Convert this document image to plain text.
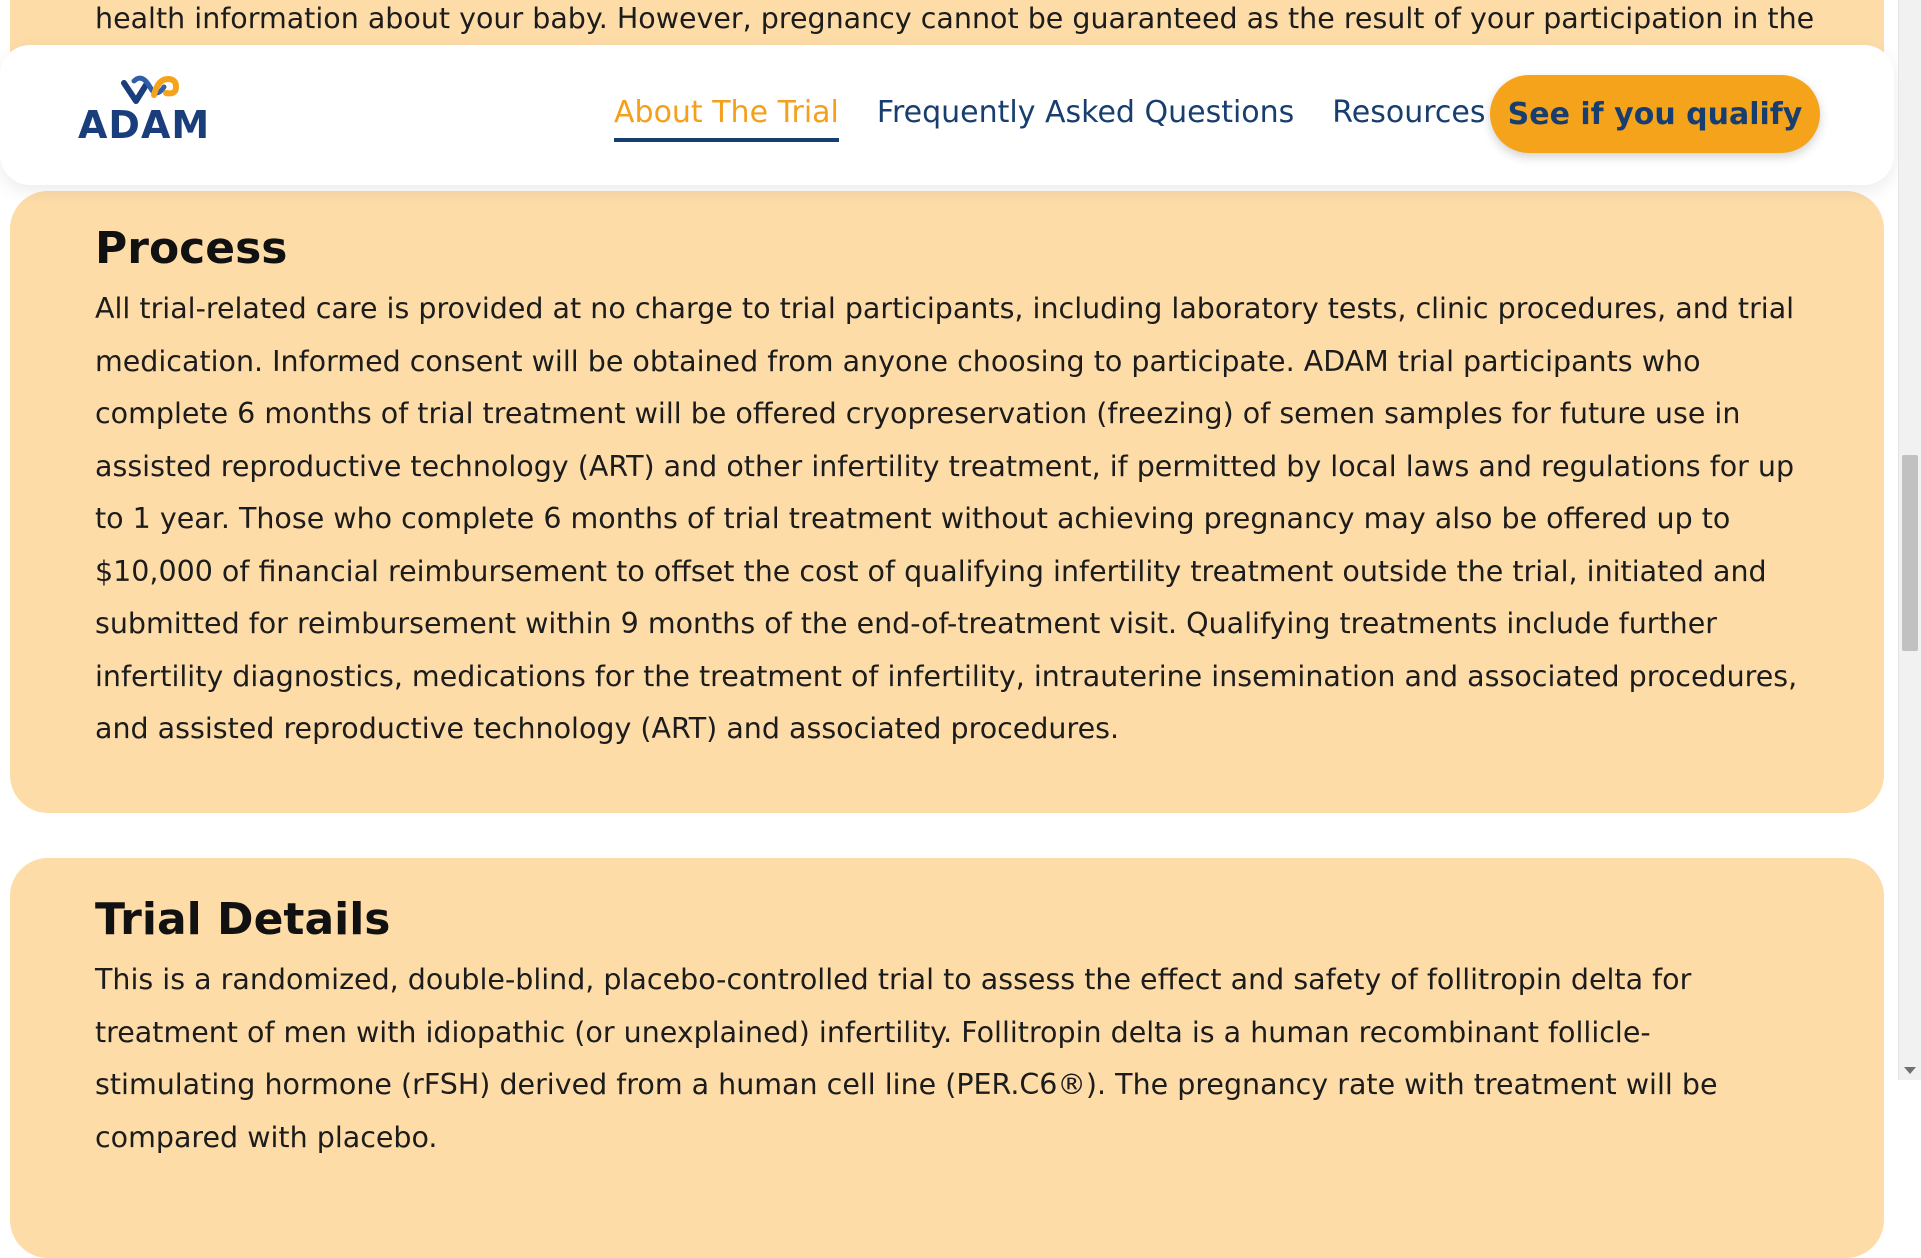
health information about your baby. However, pregnancy cannot be guaranteed as the result of your participation in the
Process

All trial-related care is provided at no charge to trial participants, including laboratory tests, clinic procedures, and trial medication. Informed consent will be obtained from anyone choosing to participate. ADAM trial participants who complete 6 months of trial treatment will be offered cryopreservation (freezing) of semen samples for future use in assisted reproductive technology (ART) and other infertility treatment, if permitted by local laws and regulations for up to 1 year. Those who complete 6 months of trial treatment without achieving pregnancy may also be offered up to $10,000 of financial reimbursement to offset the cost of qualifying infertility treatment outside the trial, initiated and submitted for reimbursement within 9 months of the end-of-treatment visit. Qualifying treatments include further infertility diagnostics, medications for the treatment of infertility, intrauterine insemination and associated procedures, and assisted reproductive technology (ART) and associated procedures.

Trial Details

This is a randomized, double-blind, placebo-controlled trial to assess the effect and safety of follitropin delta for treatment of men with idiopathic (or unexplained) infertility. Follitropin delta is a human recombinant follicle-stimulating hormone (rFSH) derived from a human cell line (PER.C6®). The pregnancy rate with treatment will be compared with placebo.

ADAM	About The Trial Frequently Asked Questions Resources See if you qualify
